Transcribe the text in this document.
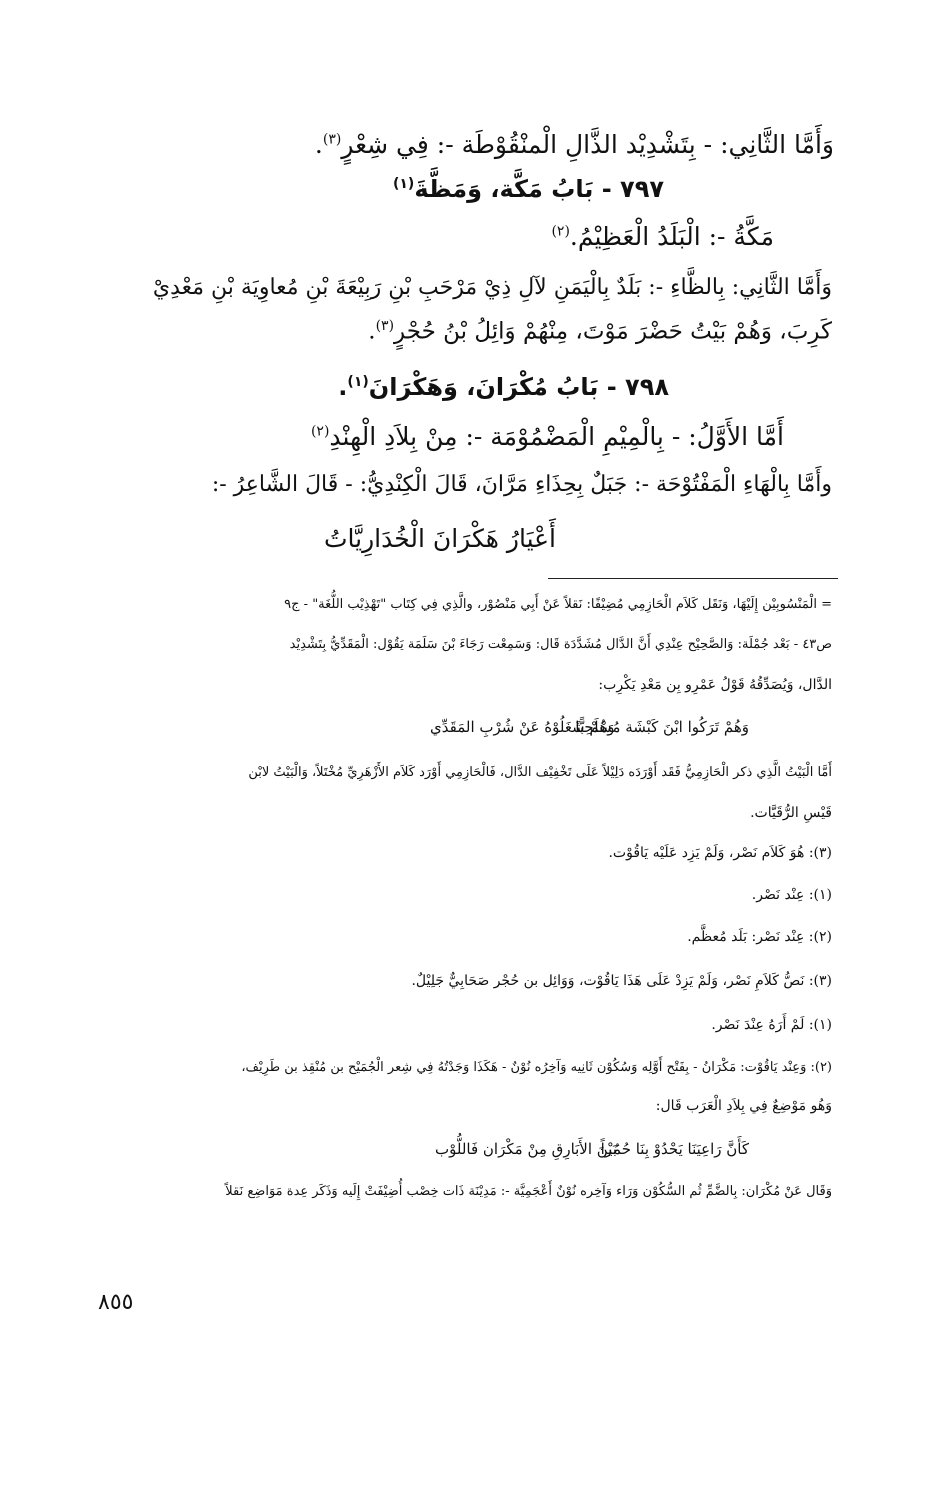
وَأَمَّا الثَّانِي: - بِتَشْدِيْد الذَّالِ الْمنْقُوْطَة -: فِي شِعْرٍ$^{(٣)}$.
٧٩٧ - بَابُ مَكَّة، وَمَظَّةَ$^{(١)}$
مَكَّةُ -: الْبَلَدُ الْعَظِيْمُ.$^{(٢)}$
وَأَمَّا الثَّانِي: بِالظَّاءِ -: بَلَدٌ بِالْيَمَنِ لآلِ ذِيْ مَرْحَبِ بْنِ رَبِيْعَةَ بْنِ مُعاوِيَة بْنِ مَعْدِيْ
كَرِبَ، وَهُمْ بَيْتُ حَضْرَ مَوْتَ، مِنْهُمْ وَائِلُ بْنُ حُجْرٍ$^{(٣)}$.
٧٩٨ - بَابُ مُكْرَانَ، وَهَكْرَانَ$^{(١)}$.
أَمَّا الأَوَّلُ: - بِالْمِيْمِ الْمَضْمُوْمَة -: مِنْ بِلاَدِ الْهِنْدِ$^{(٢)}$
وأَمَّا بِالْهَاءِ الْمَفْتُوْحَة -: جَبَلٌ بِحِذَاءِ مَرَّانَ، قَالَ الْكِنْدِيُّ: - قَالَ الشَّاعِرُ -:
أَعْيَارُ هَكْرَانَ الْخُدَارِيَّاتُ
= الْمَنْسُوبِيْن إِلَيْهَا، وَنَقَل كَلاَم الْحَازِمِي مُضِيْفًا: نَقلاً عَنْ أَبِي مَنْصُوْر، والَّذِي فِي كِتَاب "تَهْذِيْب اللُّغَة" - ج٩
ص٤٣ - بَعْد جُمْلَة: وَالصَّحِيْح عِنْدِي أَنَّ الدَّال مُشَدَّدَة قَال: وَسَمِعْت رَجَاءَ بْنَ سَلَمَة يَقُوْل: الْمَقَدِّيُّ بِتَشْدِيْد
الدَّال، وَيُصَدِّقُهُ قَوْلُ عَمْرِو بِن مَعْدِ يَكْرِب:
وَهُمْ تَرَكُوا ابْنَ كَبْشَة مُسْلَحِبًّا
وَهُمْ شَغَلُوْهُ عَنْ شُرْبِ المَقَدِّي
أَمَّا الْبَيْتُ الَّذِي ذكر الْحَازِمِيُّ فَقَد أَوْرَدَه دَلِيْلاً عَلَى تَخْفِيْف الدَّال، فَالْحَازِمِي أَوْرَد كَلاَم الأَزْهَرِيِّ مُخْتَلاً، وَالْبَيْتُ لابْن
قَيْسِ الرُّقَيَّات.
(٣): هُوَ كَلاَم نَصْر، وَلَمْ يَزِد عَلَيْه يَاقُوْت.
(١): عِنْد نَصْر.
(٢): عِنْد نَصْر: بَلَد مُعظَّم.
(٣): نَصُّ كَلاَمِ نَصْر، وَلَمْ يَزِدْ عَلَى هَذَا يَاقُوْت، وَوَائِل بن حُجْر صَحَابِيٌّ جَلِيْلٌ.
(١): لَمْ أَرَهُ عِنْدَ نَصْر.
(٢): وَعِنْد يَاقُوْت: مَكْرَانُ - بِفَتْح أَوَّلِه وَسُكُوْن ثَانِيه وَآخِرُه نُوْنٌ - هَكَذَا وَجَدْتُهُ فِي شِعر الْجُمَيْح بن مُنْقِذ بن طَرِيْف،
وَهُو مَوْضِعٌ فِي بِلاَدِ الْعَرَب قَال:
كَأَنَّ رَاعِيَنَا يَحْدُوْ بِنَا حُمُراً
بَيْنَ الأَبَارِقِ مِنْ مَكْرَان فَاللُّوْب
وَقَال عَنْ مُكْرَان: بِالضَّمِّ ثُم السُّكُوْن وَرَاء وَآخِره نُوْنٌ أَعْجَمِيَّة -: مَدِيْنَة ذَات خِصْب أُضِيْفَتْ إِلَيه وَذَكَر عِدة مَوَاضِع نَقلاً
٨٥٥
